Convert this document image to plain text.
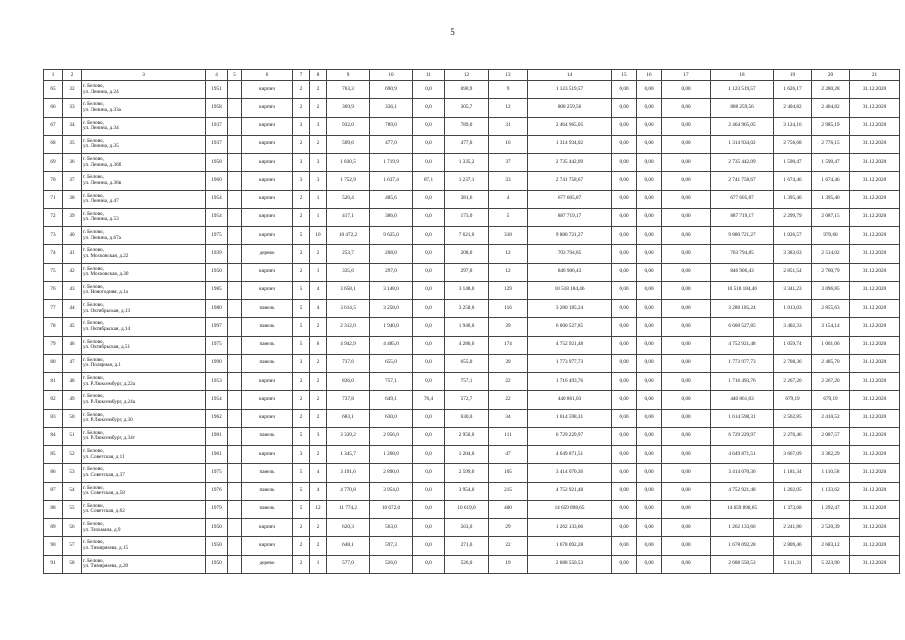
5
1	2	3	4	5	6	7	8	9	10	11	12	13	14	15	16	17	18	19	20	21
65	32	г. Белово,
ул. Ленина, д.24	1951		кирпич	2	2	763,3	690,9	0,0	690,9	9	1 123 519,57	0,00	0,00	0,00	1 123 519,57	1 626,17	2 280,28	31.12.2020
66	33	г. Белово,
ул. Ленина, д.33а	1958		кирпич	2	2	369,9	336,1	0,0	305,7	12	808 259,56	0,00	0,00	0,00	808 259,56	2 404,82	2 404,82	31.12.2020
67	34	г. Белово,
ул. Ленина, д.34	1937		кирпич	3	3	932,0	789,0	0,0	789,0	31	2 464 965,05	0,00	0,00	0,00	2 464 965,05	3 124,16	2 985,19	31.12.2020
68	35	г. Белово,
ул. Ленина, д.35	1937		кирпич	2	2	509,6	477,0	0,0	477,0	16	1 314 934,02	0,00	0,00	0,00	1 314 934,02	2 756,68	2 776,15	31.12.2020
69	36	г. Белово,
ул. Ленина, д.36б	1958		кирпич	3	3	1 830,5	1 719,9	0,0	1 335,2	37	2 735 442,09	0,00	0,00	0,00	2 735 442,09	1 590,47	1 590,47	31.12.2020
70	37	г. Белово,
ул. Ленина, д.36в	1960		кирпич	3	3	1 752,9	1 637,4	87,1	1 237,1	33	2 741 758,67	0,00	0,00	0,00	2 741 758,67	1 674,46	1 674,46	31.12.2020
71	38	г. Белово,
ул. Ленина, д.47	1954		кирпич	2	1	520,4	485,6	0,0	381,6	4	677 605,87	0,00	0,00	0,00	677 605,87	1 395,40	1 395,40	31.12.2020
72	39	г. Белово,
ул. Ленина, д.53	1954		кирпич	2	1	417,1	386,0	0,0	173,0	5	887 719,17	0,00	0,00	0,00	887 719,17	2 299,79	2 087,15	31.12.2020
73	40	г. Белово,
ул. Ленина, д.67а	1975		кирпич	5	10	10 472,2	9 625,0	0,0	7 621,0	318	9 880 721,27	0,00	0,00	0,00	9 880 721,27	1 026,57	970,60	31.12.2020
74	41	г. Белово,
ул. Московская, д.22	1939		дерево	2	2	253,7	208,0	0,0	208,0	12	703 794,85	0,00	0,00	0,00	703 794,85	3 383,63	2 514,02	31.12.2020
75	42	г. Белово,
ул. Московская, д.30	1950		кирпич	2	1	335,6	297,0	0,0	297,0	12	846 906,43	0,00	0,00	0,00	846 906,43	2 851,54	2 700,79	31.12.2020
76	43	г. Белово,
ул. Новогодняя, д.1а	1985		кирпич	5	4	3 658,1	3 148,0	0,0	3 148,0	129	10 518 184,46	0,00	0,00	0,00	10 518 184,46	3 341,23	3 096,85	31.12.2020
77	44	г. Белово,
ул. Октябрьская, д.13	1980		панель	5	4	3 614,5	3 258,0	0,0	3 258,0	116	3 280 185,24	0,00	0,00	0,00	3 280 185,24	1 013,03	2 855,63	31.12.2020
78	45	г. Белово,
ул. Октябрьская, д.14	1997		панель	5	2	2 312,0	1 940,0	0,0	1 940,0	39	6 600 527,85	0,00	0,00	0,00	6 600 527,85	3 402,33	3 154,14	31.12.2020
79	46	г. Белово,
ул. Октябрьская, д.51	1975		панель	5	6	4 942,9	4 485,0	0,0	4 286,0	174	4 752 921,48	0,00	0,00	0,00	4 752 921,48	1 059,74	1 001,06	31.12.2020
80	47	г. Белово,
ул. Полярная, д.1	1990		панель	3	2	737,6	655,0	0,0	655,0	39	1 773 977,73	0,00	0,00	0,00	1 773 977,73	2 708,36	2 485,70	31.12.2020
81	48	г. Белово,
ул. Р.Люксембург, д.22а	1953		кирпич	2	2	836,0	757,1	0,0	757,1	22	1 716 493,76	0,00	0,00	0,00	1 716 493,76	2 267,20	2 267,20	31.12.2020
82	49	г. Белово,
ул. Р.Люксембург, д.24а	1954		кирпич	2	2	737,8	649,1	76,4	572,7	22	440 861,03	0,00	0,00	0,00	440 861,03	679,19	679,19	31.12.2020
83	50	г. Белово,
ул. Р.Люксембург, д.30	1962		кирпич	2	2	683,1	630,0	0,0	630,0	34	1 614 598,31	0,00	0,00	0,00	1 614 598,31	2 562,85	2 410,52	31.12.2020
84	51	г. Белово,
ул. Р.Люксембург, д.34г	1981		панель	5	3	3 339,2	2 956,0	0,0	2 956,0	111	6 729 229,97	0,00	0,00	0,00	6 729 229,97	2 276,46	2 087,57	31.12.2020
85	52	г. Белово,
ул. Советская, д.11	1961		кирпич	3	2	1 345,7	1 268,0	0,0	1 204,0	47	4 649 871,51	0,00	0,00	0,00	4 649 871,51	3 667,09	3 382,29	31.12.2020
86	53	г. Белово,
ул. Советская, д.37	1975		панель	5	4	3 191,6	2 890,0	0,0	2 599,0	105	3 414 070,36	0,00	0,00	0,00	3 414 070,36	1 181,34	1 110,58	31.12.2020
87	54	г. Белово,
ул. Советская, д.58	1976		панель	5	4	4 770,8	3 954,0	0,0	3 954,0	215	4 752 921,48	0,00	0,00	0,00	4 752 921,48	1 202,05	1 133,62	31.12.2020
88	55	г. Белово,
ул. Советская, д.62	1979		панель	5	12	11 774,2	10 672,0	0,0	10 619,0	400	14 659 898,65	0,00	0,00	0,00	14 659 898,65	1 373,68	1 292,47	31.12.2020
89	56	г. Белово,
ул. Тельмана, д.9	1950		кирпич	2	2	620,3	563,0	0,0	563,0	29	1 262 133,66	0,00	0,00	0,00	1 262 133,66	2 241,80	2 520,39	31.12.2020
90	57	г. Белово,
ул. Тимирязева, д.15	1950		кирпич	2	2	648,1	597,3	0,0	271,0	22	1 678 092,28	0,00	0,00	0,00	1 678 092,28	2 809,46	2 683,12	31.12.2020
91	58	г. Белово,
ул. Тимирязева, д.20	1950		дерево	2	1	577,0	526,0	0,0	526,0	19	2 688 550,53	0,00	0,00	0,00	2 688 550,53	5 111,31	5 223,90	31.12.2020
